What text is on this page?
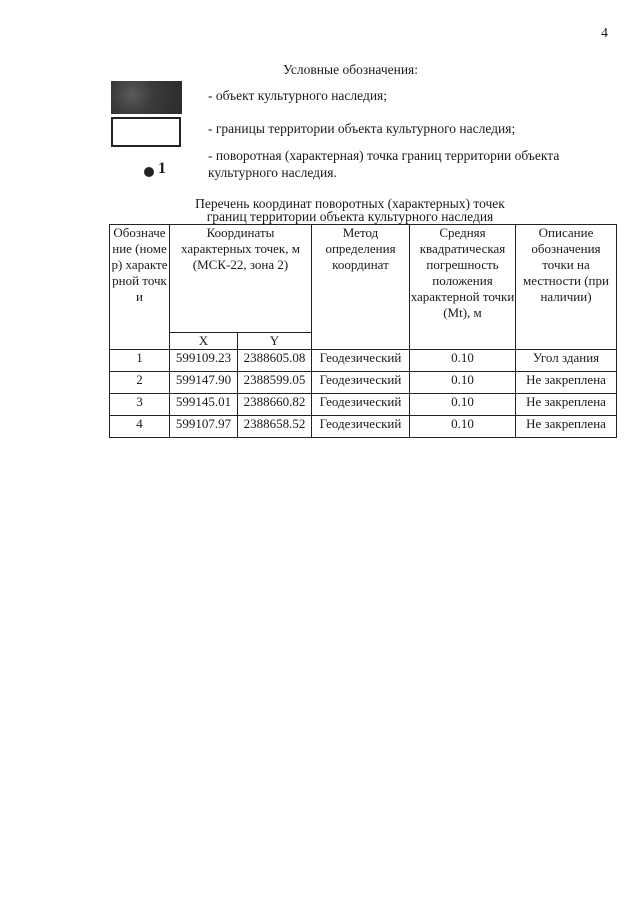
4
Условные обозначения:
- объект культурного наследия;
- границы территории объекта культурного наследия;
1
- поворотная (характерная) точка границ территории объекта культурного наследия.
Перечень координат поворотных (характерных) точек
границ территории объекта культурного наследия
Обозначение (номер) характерной точки	Координаты характерных точек, м (МСК-22, зона 2)		Метод определения координат	Средняя квадратическая погрешность положения характерной точки (Mt), м	Описание обозначения точки на местности (при наличии)
	X	Y			
1	599109.23	2388605.08	Геодезический	0.10	Угол здания
2	599147.90	2388599.05	Геодезический	0.10	Не закреплена
3	599145.01	2388660.82	Геодезический	0.10	Не закреплена
4	599107.97	2388658.52	Геодезический	0.10	Не закреплена
